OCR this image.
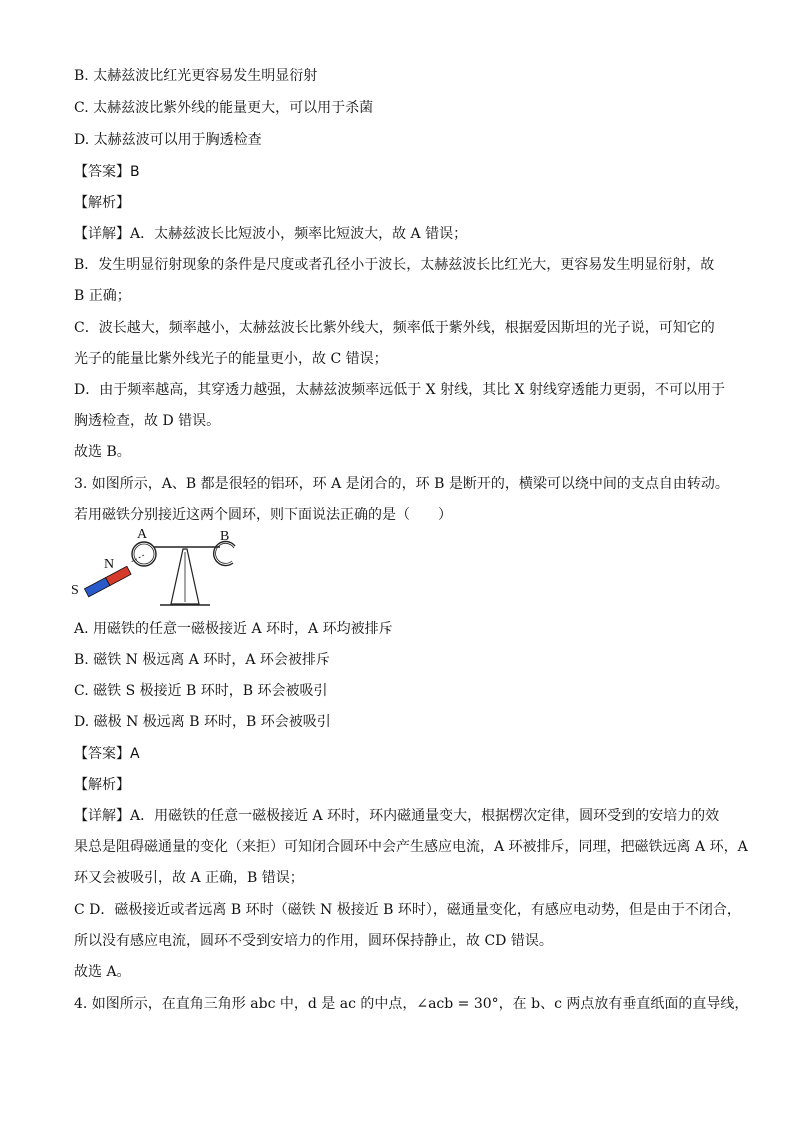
B. 太赫兹波比红光更容易发生明显衍射
C. 太赫兹波比紫外线的能量更大，可以用于杀菌
D. 太赫兹波可以用于胸透检查
【答案】B
【解析】
【详解】A．太赫兹波长比短波小，频率比短波大，故 A 错误；
B．发生明显衍射现象的条件是尺度或者孔径小于波长，太赫兹波长比红光大，更容易发生明显衍射，故
B 正确；
C．波长越大，频率越小，太赫兹波长比紫外线大，频率低于紫外线，根据爱因斯坦的光子说，可知它的
光子的能量比紫外线光子的能量更小，故 C 错误；
D．由于频率越高，其穿透力越强，太赫兹波频率远低于 X 射线，其比 X 射线穿透能力更弱，不可以用于
胸透检查，故 D 错误。
故选 B。
3. 如图所示，A、B 都是很轻的铝环，环 A 是闭合的，环 B 是断开的，横梁可以绕中间的支点自由转动。
若用磁铁分别接近这两个圆环，则下面说法正确的是（　　）
A	B
N
S
A. 用磁铁的任意一磁极接近 A 环时，A 环均被排斥
B. 磁铁 N 极远离 A 环时，A 环会被排斥
C. 磁铁 S 极接近 B 环时，B 环会被吸引
D. 磁极 N 极远离 B 环时，B 环会被吸引
【答案】A
【解析】
【详解】A．用磁铁的任意一磁极接近 A 环时，环内磁通量变大，根据楞次定律，圆环受到的安培力的效
果总是阻碍磁通量的变化（来拒）可知闭合圆环中会产生感应电流，A 环被排斥，同理，把磁铁远离 A 环，A
环又会被吸引，故 A 正确，B 错误；
C D．磁极接近或者远离 B 环时（磁铁 N 极接近 B 环时），磁通量变化，有感应电动势，但是由于不闭合，
所以没有感应电流，圆环不受到安培力的作用，圆环保持静止，故 CD 错误。
故选 A。
4. 如图所示，在直角三角形 abc 中，d 是 ac 的中点，∠acb = 30°，在 b、c 两点放有垂直纸面的直导线，
